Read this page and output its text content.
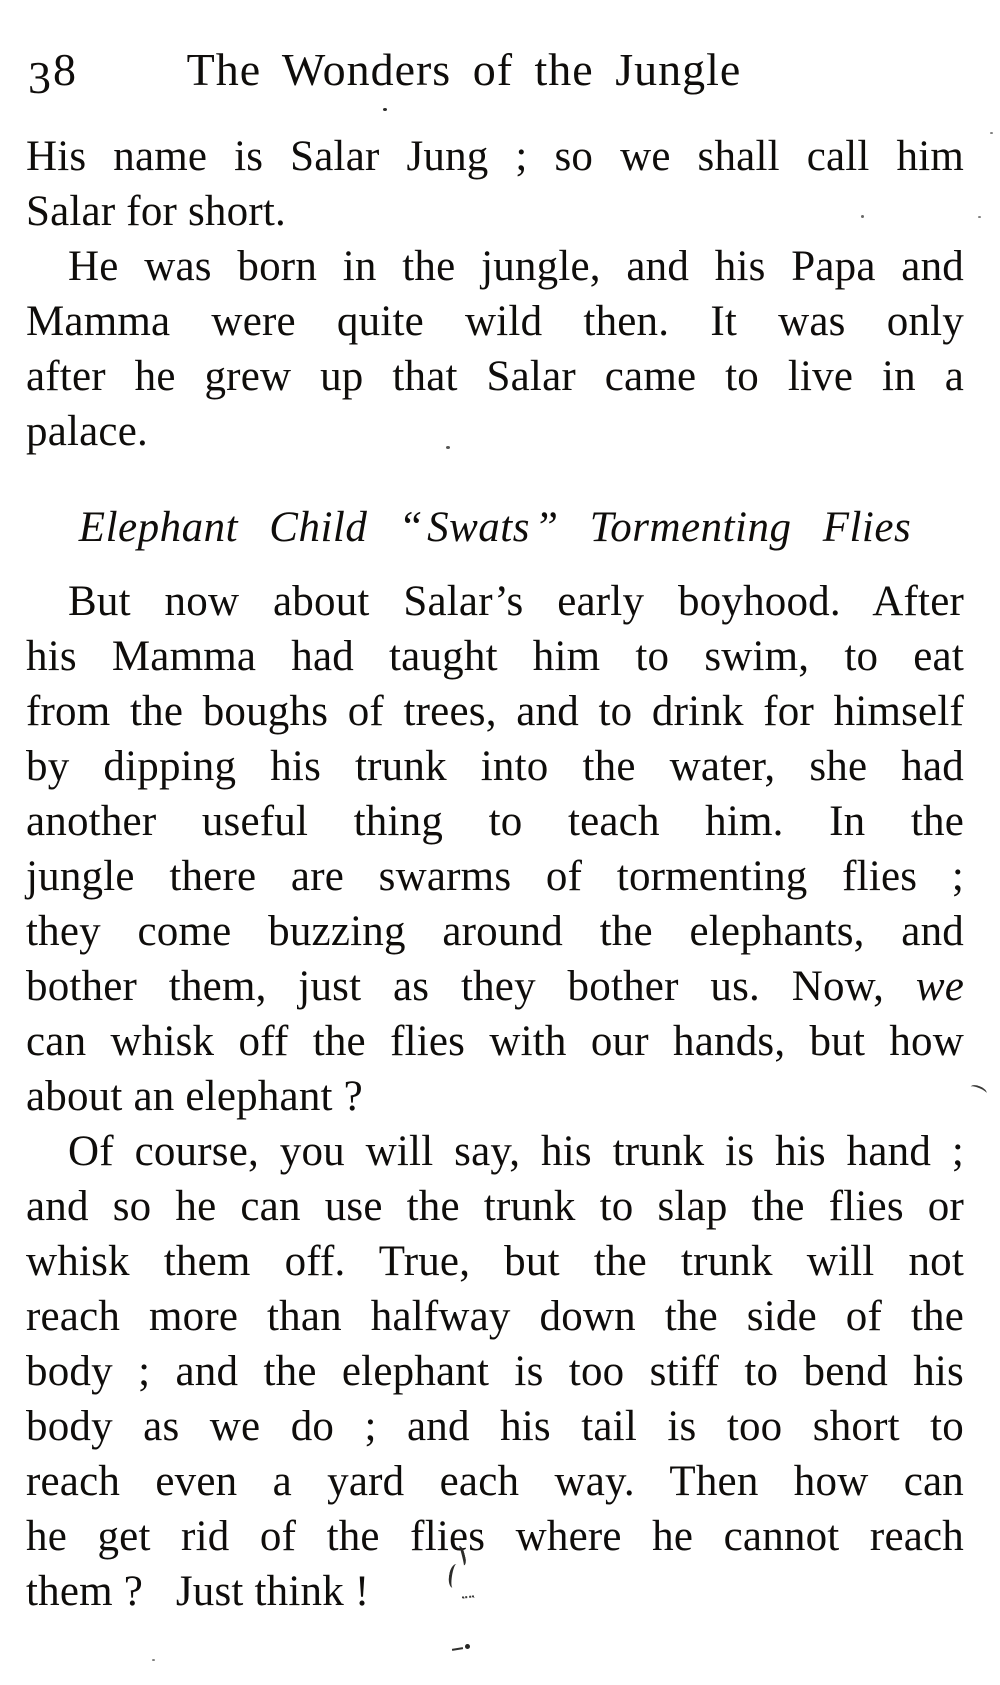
38	The Wonders of the Jungle
His name is Salar Jung ; so we shall call him
Salar for short.
He was born in the jungle, and his Papa and
Mamma were quite wild then. It was only
after he grew up that Salar came to live in a
palace.
Elephant Child “ Swats ” Tormenting Flies
But now about Salar’s early boyhood. After
his Mamma had taught him to swim, to eat
from the boughs of trees, and to drink for himself
by dipping his trunk into the water, she had
another useful thing to teach him. In the
jungle there are swarms of tormenting flies ;
they come buzzing around the elephants, and
bother them, just as they bother us. Now, we
can whisk off the flies with our hands, but how
about an elephant ?
Of course, you will say, his trunk is his hand ;
and so he can use the trunk to slap the flies or
whisk them off. True, but the trunk will not
reach more than halfway down the side of the
body ; and the elephant is too stiff to bend his
body as we do ; and his tail is too short to
reach even a yard each way. Then how can
he get rid of the flies where he cannot reach
them ?   Just think !
